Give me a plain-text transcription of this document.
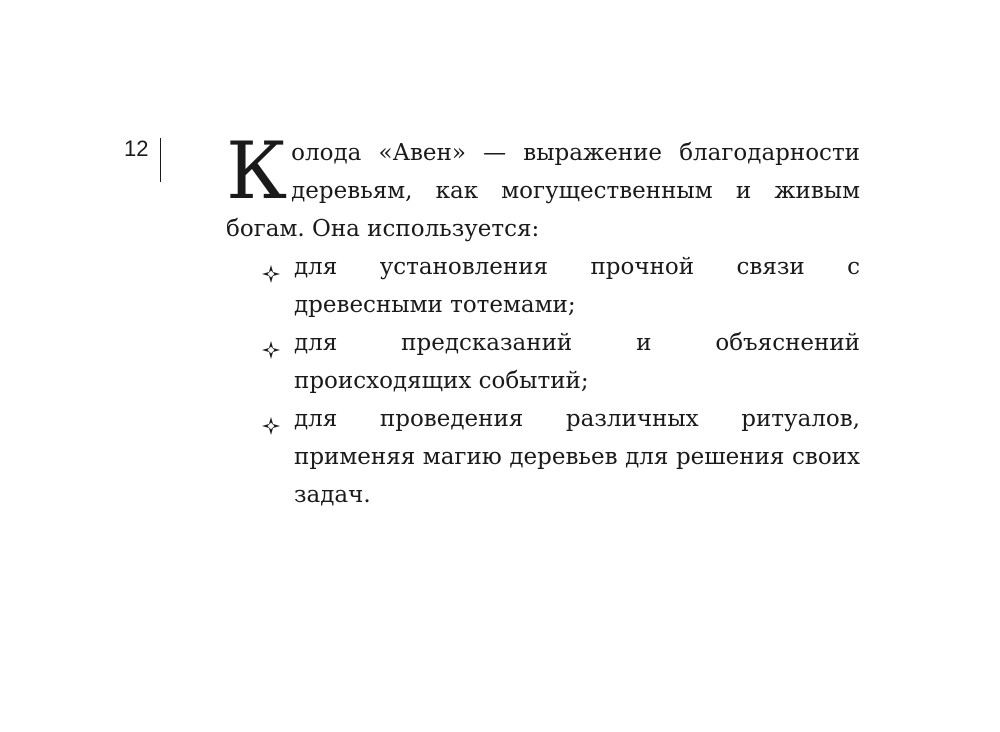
12 Колода «Авен» — выражение благодарности деревьям, как могущественным и живым богам. Она используется:

для установления прочной связи с древесными тотемами;
для предсказаний и объяснений происходящих событий;
для проведения различных ритуалов, применяя магию деревьев для решения своих задач.
